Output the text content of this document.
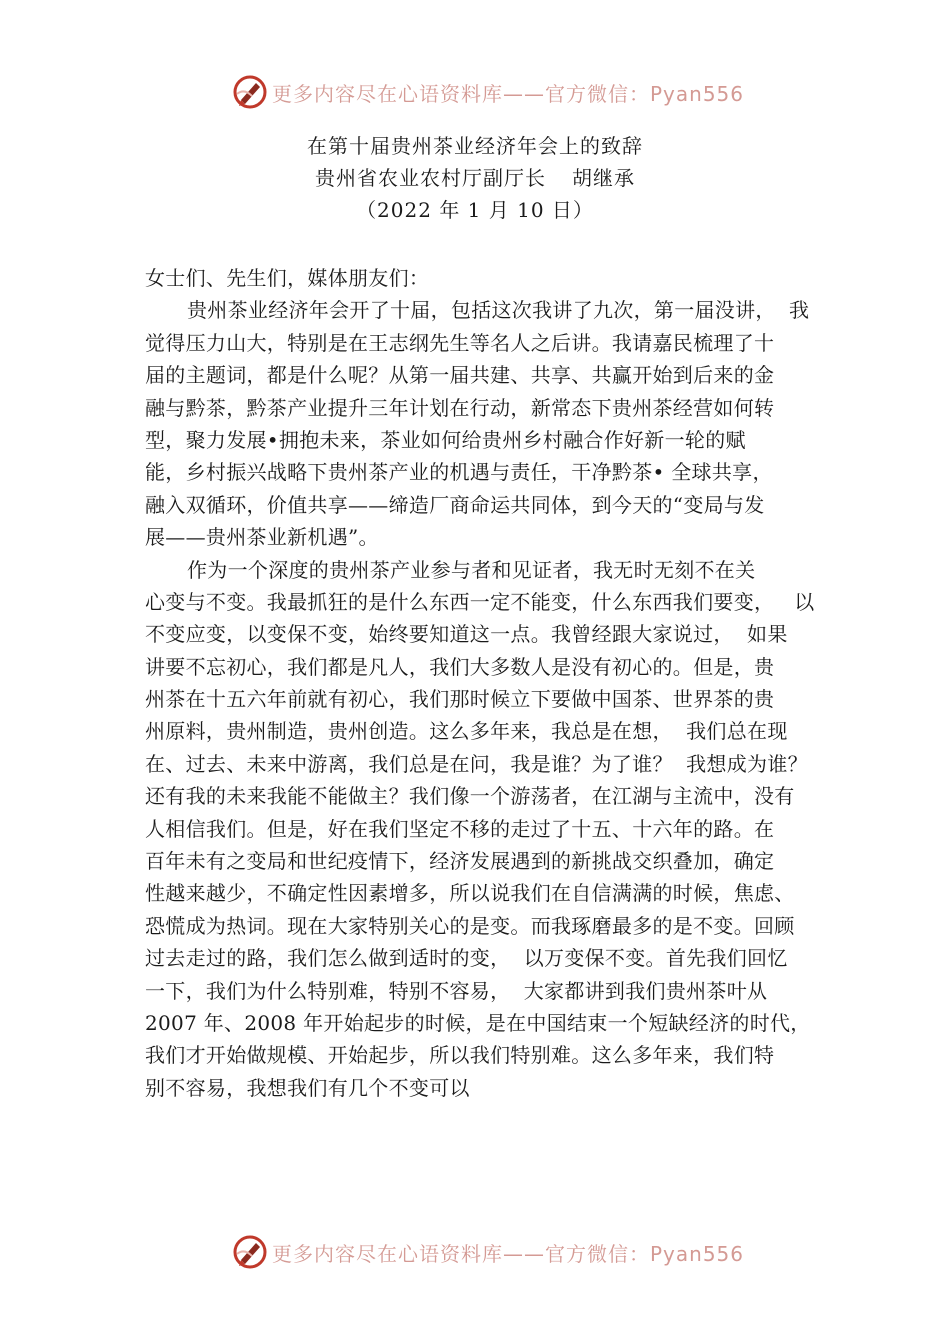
更多内容尽在心语资料库——官方微信：Pyan556
在第十届贵州茶业经济年会上的致辞
贵州省农业农村厅副厅长 胡继承
（2022 年 1 月 10 日）
女士们、先生们，媒体朋友们：
贵州茶业经济年会开了十届，包括这次我讲了九次，第一届没讲，  我
觉得压力山大，特别是在王志纲先生等名人之后讲。我请嘉民梳理了十
届的主题词，都是什么呢？从第一届共建、共享、共赢开始到后来的金
融与黔茶，黔茶产业提升三年计划在行动，新常态下贵州茶经营如何转
型，聚力发展•拥抱未来，茶业如何给贵州乡村融合作好新一轮的赋
能，乡村振兴战略下贵州茶产业的机遇与责任，干净黔茶• 全球共享，
融入双循环，价值共享——缔造厂商命运共同体，到今天的“变局与发
展——贵州茶业新机遇”。
作为一个深度的贵州茶产业参与者和见证者，我无时无刻不在关
心变与不变。我最抓狂的是什么东西一定不能变，什么东西我们要变，   以
不变应变，以变保不变，始终要知道这一点。我曾经跟大家说过，  如果
讲要不忘初心，我们都是凡人，我们大多数人是没有初心的。但是，贵
州茶在十五六年前就有初心，我们那时候立下要做中国茶、世界茶的贵
州原料，贵州制造，贵州创造。这么多年来，我总是在想，  我们总在现
在、过去、未来中游离，我们总是在问，我是谁？为了谁？  我想成为谁？
还有我的未来我能不能做主？我们像一个游荡者，在江湖与主流中，没有
人相信我们。但是，好在我们坚定不移的走过了十五、十六年的路。在
百年未有之变局和世纪疫情下，经济发展遇到的新挑战交织叠加，确定
性越来越少，不确定性因素增多，所以说我们在自信满满的时候，焦虑、
恐慌成为热词。现在大家特别关心的是变。而我琢磨最多的是不变。回顾
过去走过的路，我们怎么做到适时的变，  以万变保不变。首先我们回忆
一下，我们为什么特别难，特别不容易，  大家都讲到我们贵州茶叶从
2007 年、2008 年开始起步的时候，是在中国结束一个短缺经济的时代，
我们才开始做规模、开始起步，所以我们特别难。这么多年来，我们特
别不容易，我想我们有几个不变可以
更多内容尽在心语资料库——官方微信：Pyan556
